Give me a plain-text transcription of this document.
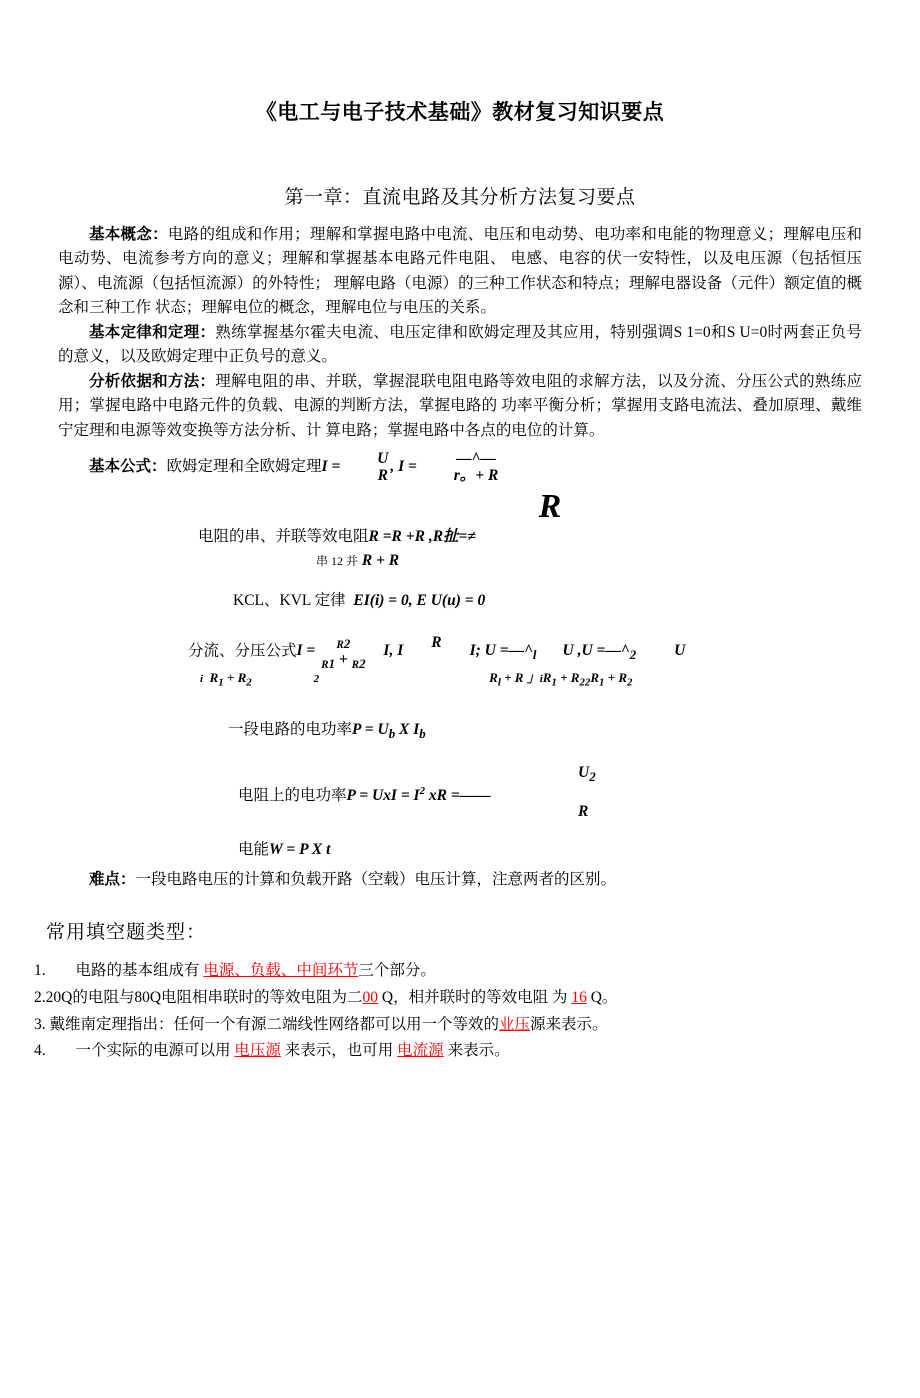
《电工与电子技术基础》教材复习知识要点
第一章：直流电路及其分析方法复习要点

基本概念：电路的组成和作用；理解和掌握电路中电流、电压和电动势、电功率和电能的物理意义；理解电压和电动势、电流参考方向的意义；理解和掌握基本电路元件电阻、 电感、电容的伏一安特性，以及电压源（包括恒压源）、电流源（包括恒流源）的外特性； 理解电路（电源）的三种工作状态和特点；理解电器设备（元件）额定值的概念和三种工作 状态；理解电位的概念，理解电位与电压的关系。

基本定律和定理：熟练掌握基尔霍夫电流、电压定律和欧姆定理及其应用，特别强调S 1=0和S U=0时两套正负号的意义，以及欧姆定理中正负号的意义。

分析依据和方法：理解电阻的串、并联，掌握混联电阻电路等效电阻的求解方法，以及分流、分压公式的熟练应用；掌握电路中电路元件的负载、电源的判断方法，掌握电路的 功率平衡分析；掌握用支路电流法、叠加原理、戴维宁定理和电源等效变换等方法分析、计 算电路；掌握电路中各点的电位的计算。

基本公式：欧姆定理和全欧姆定理I =	U
R , I =	—^—
r。+ R
R
电阻的串、并联等效电阻R =R +R ,R扯=≠
串 12 并 R + R
KCL、KVL 定律 EI(i) = 0, E U(u) = 0
分流、分压公式I =	$_{R2}$
$_{R1}$ + $_{R2}$
I, I R
I; $U =—\^{}_l$ U $,U =—\^{}_2$ U
i  $R_1 + R_2$	2	$R_l + R$ 」$iR_1 + R_{22}R_1 + R_2$
一段电路的电功率$P = U_b$ X $I_b$
$U_2$
电阻上的电功率P = UxI = $I^2$ xR =——
R
电能W = P X t
难点：一段电路电压的计算和负载开路（空载）电压计算，注意两者的区别。
常用填空题类型：
1. 电路的基本组成有 电源、负载、中间环节三个部分。
2.20Q的电阻与80Q电阻相串联时的等效电阻为二00 Q，相并联时的等效电阻 为 16 Q。
3. 戴维南定理指出：任何一个有源二端线性网络都可以用一个等效的业压源来表示。
4. 一个实际的电源可以用 电压源 来表示，也可用 电流源 来表示。
